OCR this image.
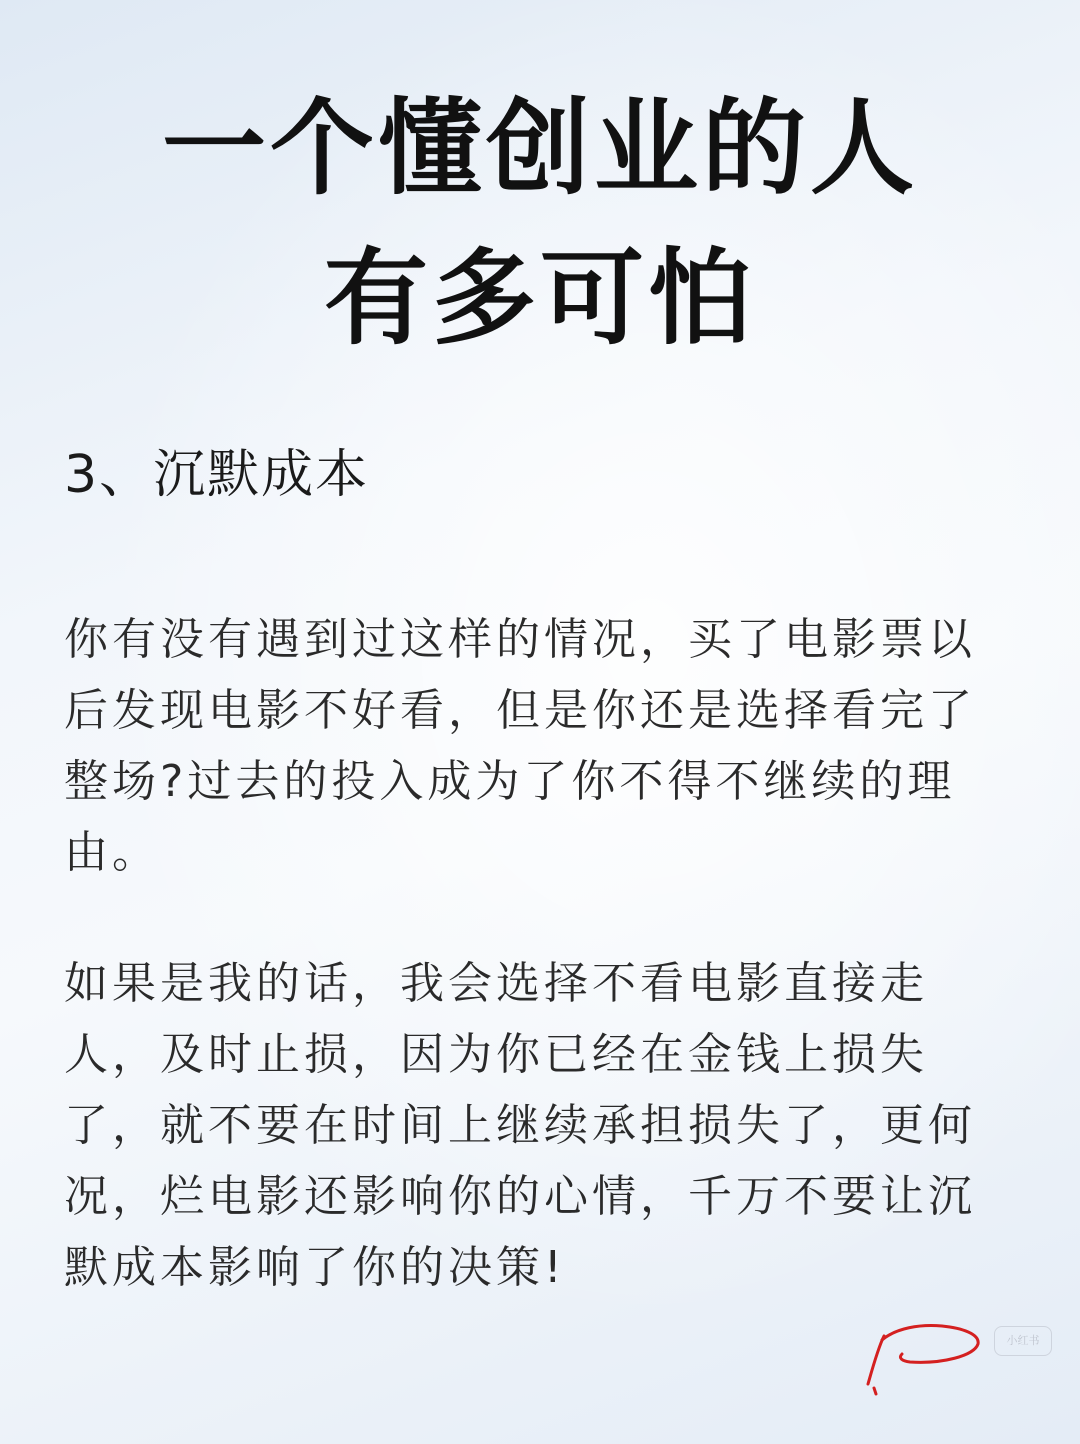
一个懂创业的人
有多可怕
3、沉默成本

你有没有遇到过这样的情况，买了电影票以后发现电影不好看，但是你还是选择看完了整场?过去的投入成为了你不得不继续的理由。

如果是我的话，我会选择不看电影直接走人，及时止损，因为你已经在金钱上损失了，就不要在时间上继续承担损失了，更何况，烂电影还影响你的心情，千万不要让沉默成本影响了你的决策!

小红书
